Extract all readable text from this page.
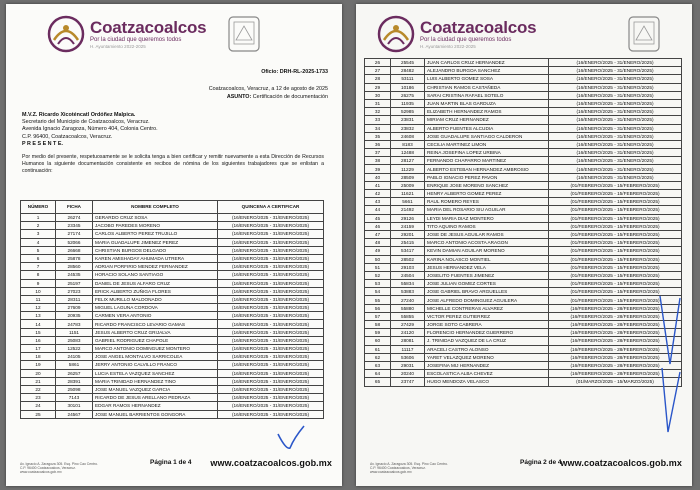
Coatzacoalcos
Por la ciudad que queremos todos
H. Ayuntamiento 2022-2025
Oficio: DRH-RL-2025-1733
Coatzacoalcos, Veracruz, a 12 de agosto de 2025
ASUNTO: Certificación de documentación
M.V.Z. Ricardo Xicoténcatl Ordóñez Malpica.
Secretario del Municipio de Coatzacoalcos, Veracruz.
Avenida Ignacio Zaragoza, Número 404, Colonia Centro.
C.P. 96400, Coatzacoalcos, Veracruz.
P R E S E N T E.
Por medio del presente, respetuosamente se le solicita tenga a bien certificar y remitir nuevamente a esta Dirección de Recursos Humanos la siguiente documentación consistente en recibos de nómina de los siguientes trabajadores que se enlistan a continuación:
NÚMERO	FICHA	NOMBRE COMPLETO	QUINCENA A CERTIFICAR
1	26274	GERARDO CRUZ SOSA	(16/ENERO/2025 - 31/ENERO/2025)
2	23345	JACOBO PAREDES MORENO	(16/ENERO/2025 - 31/ENERO/2025)
3	27174	CARLOS ALBERTO PEREZ TRUJILLO	(16/ENERO/2025 - 31/ENERO/2025)
4	52066	MARIA GUADALUPE JIMENEZ PEREZ	(16/ENERO/2025 - 31/ENERO/2025)
5	26668	CHRISTIAN BURGOS DELGADO	(16/ENERO/2025 - 31/ENERO/2025)
6	25878	KAREN AMISHADAY AHUMADA UTRERA	(16/ENERO/2025 - 31/ENERO/2025)
7	28560	ADRIAN PORFIRIO MENDEZ FERNANDEZ	(16/ENERO/2025 - 31/ENERO/2025)
8	24535	HORACIO SOLANO SANTIAGO	(16/ENERO/2025 - 31/ENERO/2025)
9	25197	DANIEL DE JESUS ALFARO CRUZ	(16/ENERO/2025 - 31/ENERO/2025)
10	27023	ERICK ALBERTO ZUÑIGA FLORES	(16/ENERO/2025 - 31/ENERO/2025)
11	28311	FELIX MURILLO MALDONADO	(16/ENERO/2025 - 31/ENERO/2025)
12	27609	MIGUEL LAGUNA CORDOVA	(16/ENERO/2025 - 31/ENERO/2025)
13	20935	CARMEN VERA ANTONIO	(16/ENERO/2025 - 31/ENERO/2025)
14	24783	RICARDO FRANCISCO LEVARIO GAMAS	(16/ENERO/2025 - 31/ENERO/2025)
15	1151	JESUS ALBERTO CRUZ GRIJALVA	(16/ENERO/2025 - 31/ENERO/2025)
16	25083	GABRIEL RODRIGUEZ CHAPOLE	(16/ENERO/2025 - 31/ENERO/2025)
17	12522	MARCO ANTONIO DOMINGUEZ MONTERO	(16/ENERO/2025 - 31/ENERO/2025)
18	24105	JOSE ANGEL MONTALVO SARRICOLEA	(16/ENERO/2025 - 31/ENERO/2025)
19	5861	JERRY ANTONIO CALVILLO FRANCO	(16/ENERO/2025 - 31/ENERO/2025)
20	26257	LUCIA ESTELA VAZQUEZ SANCHEZ	(16/ENERO/2025 - 31/ENERO/2025)
21	28391	MARIA TRINIDAD HERNANDEZ TINO	(16/ENERO/2025 - 31/ENERO/2025)
22	25098	JOSE MANUEL VAZQUEZ GARCIA	(16/ENERO/2025 - 31/ENERO/2025)
23	7143	RICARDO DE JESUS ARELLANO PEDRAZA	(16/ENERO/2025 - 31/ENERO/2025)
24	30101	EDGAR RAMOS HERNANDEZ	(16/ENERO/2025 - 31/ENERO/2025)
25	24567	JOSE MANUEL BARRIENTOS GONGORA	(16/ENERO/2025 - 31/ENERO/2025)
Av. Ignacio A. Zaragoza 305. Esq. Pino Cao Centro. C.P. 96400 Coatzacoalcos, Veracruz. www.coatzacoalcos.gob.mx
Página 1 de 4 www.coatzacoalcos.gob.mx
Coatzacoalcos
Por la ciudad que queremos todos
H. Ayuntamiento 2022-2025
26	25545	JUAN CARLOS CRUZ HERNANDEZ	(16/ENERO/2025 - 31/ENERO/2025)
27	28482	ALEJANDRO BURGOA SANCHEZ	(16/ENERO/2025 - 31/ENERO/2025)
28	53111	LUIS ALBERTO GOMEZ SOSA	(16/ENERO/2025 - 31/ENERO/2025)
29	10186	CHRISTIAN RAMOS CASTAÑEDA	(16/ENERO/2025 - 31/ENERO/2025)
30	26275	SARAI CRISTINA RAFAEL SOTELO	(16/ENERO/2025 - 31/ENERO/2025)
31	11935	JUAN MARTIN BLAS GARDUZA	(16/ENERO/2025 - 31/ENERO/2025)
32	52985	ELIZABETH HERNANDEZ RAMOS	(16/ENERO/2025 - 31/ENERO/2025)
33	23831	MIRIAM CRUZ HERNANDEZ	(16/ENERO/2025 - 31/ENERO/2025)
34	23832	ALBERTO FUENTES ALCUDIA	(16/ENERO/2025 - 31/ENERO/2025)
35	24608	JOSE GUADALUPE SANTIAGO CALDERON	(16/ENERO/2025 - 31/ENERO/2025)
36	8183	CECILIA MARTINEZ LIMON	(16/ENERO/2025 - 31/ENERO/2025)
37	12488	REINA JOSEFINA LOPEZ URBINA	(16/ENERO/2025 - 31/ENERO/2025)
38	28127	FERNANDO CHAPARRO MARTINEZ	(16/ENERO/2025 - 31/ENERO/2025)
39	11229	ALBERTO ESTEBAN HERNANDEZ AMBROSIO	(16/ENERO/2025 - 31/ENERO/2025)
40	28509	PABLO IGNACIO PEREZ PAVON	(16/ENERO/2025 - 31/ENERO/2025)
41	25009	ENRIQUE JOSE MORENO SANCHEZ	(01/FEBRERO/2025 - 15/FEBRERO/2025)
42	11621	HENRY ALBERTO GOMEZ PEREZ	(01/FEBRERO/2025 - 15/FEBRERO/2025)
43	5661	RAUL ROMERO REYES	(01/FEBRERO/2025 - 15/FEBRERO/2025)
44	21492	MARIA DEL ROSARIO SIU AGUILAR	(01/FEBRERO/2025 - 15/FEBRERO/2025)
45	29126	LEYDI MARIA DIAZ MONTERO	(01/FEBRERO/2025 - 15/FEBRERO/2025)
46	24159	TITO AQUINO RAMOS	(01/FEBRERO/2025 - 15/FEBRERO/2025)
47	29201	JOSE DE JESUS AGUILAR RAMOS	(01/FEBRERO/2025 - 15/FEBRERO/2025)
48	25415	MARCO ANTONIO ACOSTA ARAGON	(01/FEBRERO/2025 - 15/FEBRERO/2025)
49	53417	KEVIN DAMIAN AGUILAR MORENO	(01/FEBRERO/2025 - 15/FEBRERO/2025)
50	28502	KARINA NOLASCO MONTIEL	(01/FEBRERO/2025 - 15/FEBRERO/2025)
51	29103	JESUS HERNANDEZ VELA	(01/FEBRERO/2025 - 15/FEBRERO/2025)
52	24504	JOSELITO FUENTES JIMENEZ	(01/FEBRERO/2025 - 15/FEBRERO/2025)
53	55834	JOSE JULIAN GOMEZ CORTES	(01/FEBRERO/2025 - 15/FEBRERO/2025)
54	53883	JOSE GABRIEL BRAVO ARGUELLES	(01/FEBRERO/2025 - 15/FEBRERO/2025)
55	27240	JOSE ALFREDO DOMINGUEZ AGUILERA	(01/FEBRERO/2025 - 15/FEBRERO/2025)
56	55880	MICHELLE CONTRERAS ALVAREZ	(16/FEBRERO/2025 - 28/FEBRERO/2025)
57	55855	VICTOR PEREZ GUTIERREZ	(16/FEBRERO/2025 - 28/FEBRERO/2025)
58	27429	JORGE SOTO CABRERA	(16/FEBRERO/2025 - 28/FEBRERO/2025)
59	24120	FLORENCIO HERNANDEZ GUERRERO	(16/FEBRERO/2025 - 28/FEBRERO/2025)
60	28081	J. TRINIDAD VAZQUEZ DE LA CRUZ	(16/FEBRERO/2025 - 28/FEBRERO/2025)
61	11117	ARACELI CASTRO ALONSO	(16/FEBRERO/2025 - 28/FEBRERO/2025)
62	53606	YARET VELAZQUEZ MORENO	(16/FEBRERO/2025 - 28/FEBRERO/2025)
63	29031	JOSEFINA MIJ HERNANDEZ	(16/FEBRERO/2025 - 28/FEBRERO/2025)
64	20240	ESCOLASTICA ALBA CHEVEZ	(16/FEBRERO/2025 - 28/FEBRERO/2025)
65	23747	HUGO MENDOZA VELASCO	(01/MARZO/2025 - 15/MARZO/2025)
Av. Ignacio A. Zaragoza 305. Esq. Pino Cao Centro. C.P. 96400 Coatzacoalcos, Veracruz. www.coatzacoalcos.gob.mx
Página 2 de 4
www.coatzacoalcos.gob.mx
